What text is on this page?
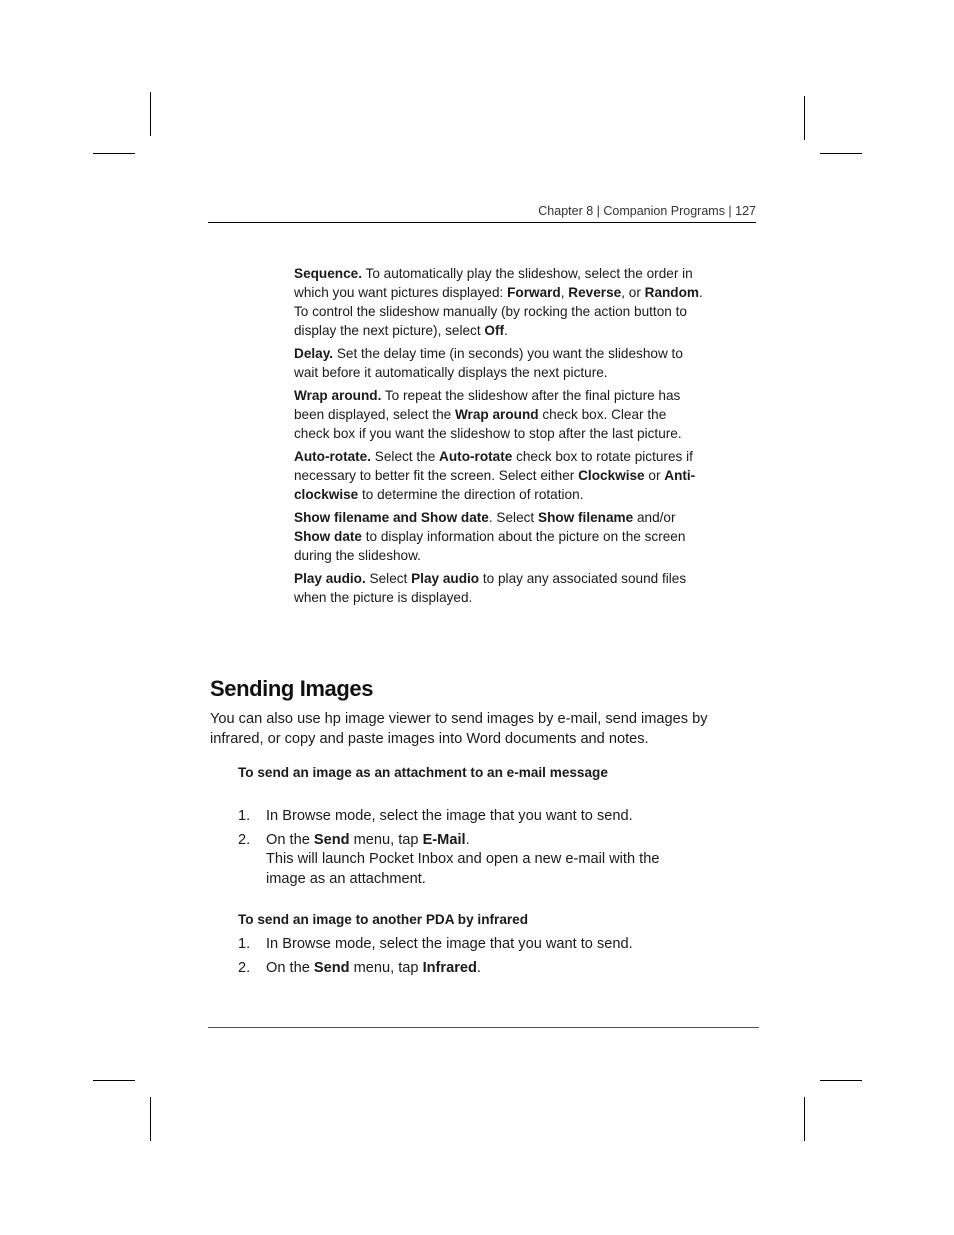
Chapter 8 | Companion Programs | 127

Sequence. To automatically play the slideshow, select the order in which you want pictures displayed: Forward, Reverse, or Random. To control the slideshow manually (by rocking the action button to display the next picture), select Off.

Delay. Set the delay time (in seconds) you want the slideshow to wait before it automatically displays the next picture.

Wrap around. To repeat the slideshow after the final picture has been displayed, select the Wrap around check box. Clear the check box if you want the slideshow to stop after the last picture.

Auto-rotate. Select the Auto-rotate check box to rotate pictures if necessary to better fit the screen. Select either Clockwise or Anti-clockwise to determine the direction of rotation.

Show filename and Show date. Select Show filename and/or Show date to display information about the picture on the screen during the slideshow.

Play audio. Select Play audio to play any associated sound files when the picture is displayed.

Sending Images

You can also use hp image viewer to send images by e-mail, send images by infrared, or copy and paste images into Word documents and notes.

To send an image as an attachment to an e-mail message

1. In Browse mode, select the image that you want to send.
2. On the Send menu, tap E-Mail.
This will launch Pocket Inbox and open a new e-mail with the image as an attachment.

To send an image to another PDA by infrared

1. In Browse mode, select the image that you want to send.
2. On the Send menu, tap Infrared.
